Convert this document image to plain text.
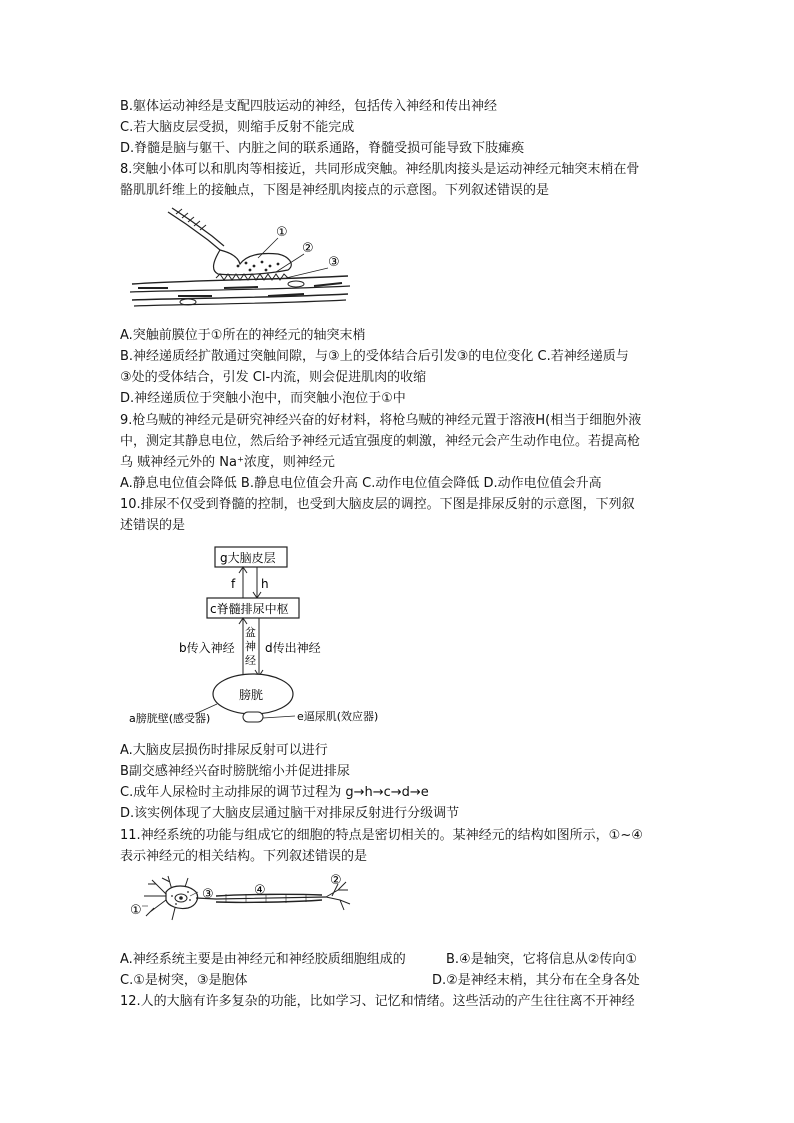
B.躯体运动神经是支配四肢运动的神经，包括传入神经和传出神经
C.若大脑皮层受损，则缩手反射不能完成
D.脊髓是脑与躯干、内脏之间的联系通路，脊髓受损可能导致下肢瘫痪
8.突触小体可以和肌肉等相接近，共同形成突触。神经肌肉接头是运动神经元轴突末梢在骨
骼肌肌纤维上的接触点，下图是神经肌肉接点的示意图。下列叙述错误的是
①
②
③
A.突触前膜位于①所在的神经元的轴突末梢
B.神经递质经扩散通过突触间隙，与③上的受体结合后引发③的电位变化 C.若神经递质与
③处的受体结合，引发 Cl-内流，则会促进肌肉的收缩
D.神经递质位于突触小泡中，而突触小泡位于①中
9.枪乌贼的神经元是研究神经兴奋的好材料，将枪乌贼的神经元置于溶液H(相当于细胞外液
中，测定其静息电位，然后给予神经元适宜强度的刺激，神经元会产生动作电位。若提高枪
乌 贼神经元外的 Na⁺浓度，则神经元
A.静息电位值会降低 B.静息电位值会升高 C.动作电位值会降低 D.动作电位值会升高
10.排尿不仅受到脊髓的控制，也受到大脑皮层的调控。下图是排尿反射的示意图，下列叙
述错误的是
g大脑皮层
f h
c脊髓排尿中枢
b传入神经
盆
神
经
d传出神经
膀胱
a膀胱壁(感受器)	e逼尿肌(效应器)
A.大脑皮层损伤时排尿反射可以进行
B副交感神经兴奋时膀胱缩小并促进排尿
C.成年人尿检时主动排尿的调节过程为 g→h→c→d→e
D.该实例体现了大脑皮层通过脑干对排尿反射进行分级调节
11.神经系统的功能与组成它的细胞的特点是密切相关的。某神经元的结构如图所示，①~④
表示神经元的相关结构。下列叙述错误的是
①
③	④
②
A.神经系统主要是由神经元和神经胶质细胞组成的	B.④是轴突，它将信息从②传向①
C.①是树突，③是胞体	D.②是神经末梢，其分布在全身各处
12.人的大脑有许多复杂的功能，比如学习、记忆和情绪。这些活动的产生往往离不开神经
